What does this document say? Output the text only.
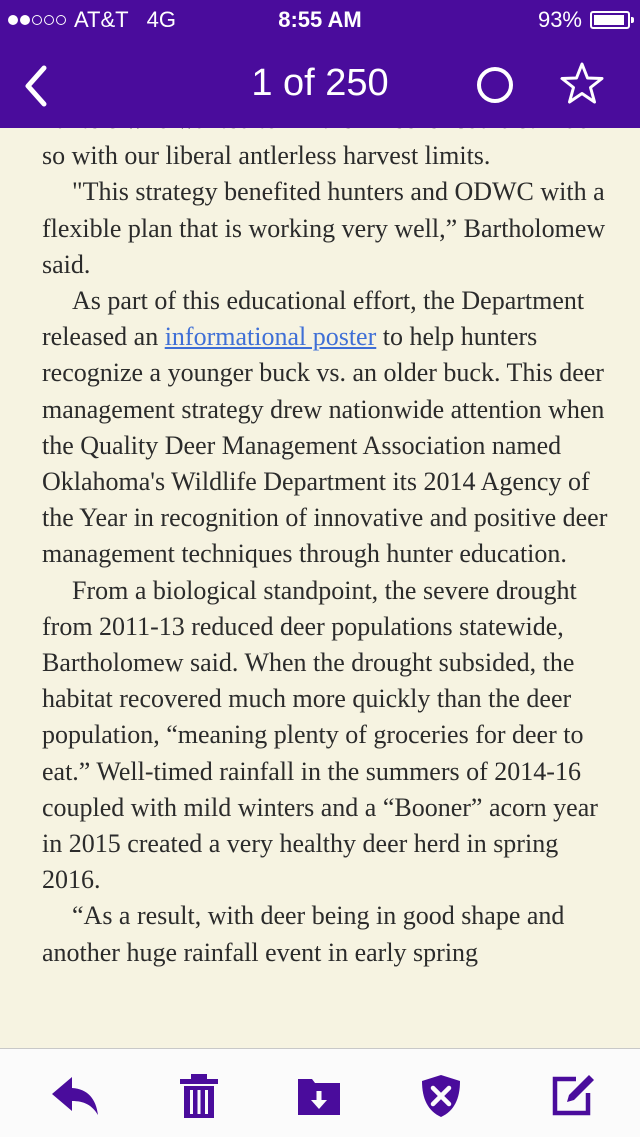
AT&T 4G	8:55 AM	93%
1 of 250

so with our liberal antlerless harvest limits.

"This strategy benefited hunters and ODWC with a flexible plan that is working very well,” Bartholomew said.

As part of this educational effort, the Department released an informational poster to help hunters recognize a younger buck vs. an older buck. This deer management strategy drew nationwide attention when the Quality Deer Management Association named Oklahoma's Wildlife Department its 2014 Agency of the Year in recognition of innovative and positive deer management techniques through hunter education.

From a biological standpoint, the severe drought from 2011-13 reduced deer populations statewide, Bartholomew said. When the drought subsided, the habitat recovered much more quickly than the deer population, “meaning plenty of groceries for deer to eat.” Well-timed rainfall in the summers of 2014-16 coupled with mild winters and a “Booner” acorn year in 2015 created a very healthy deer herd in spring 2016.

“As a result, with deer being in good shape and another huge rainfall event in early spring
